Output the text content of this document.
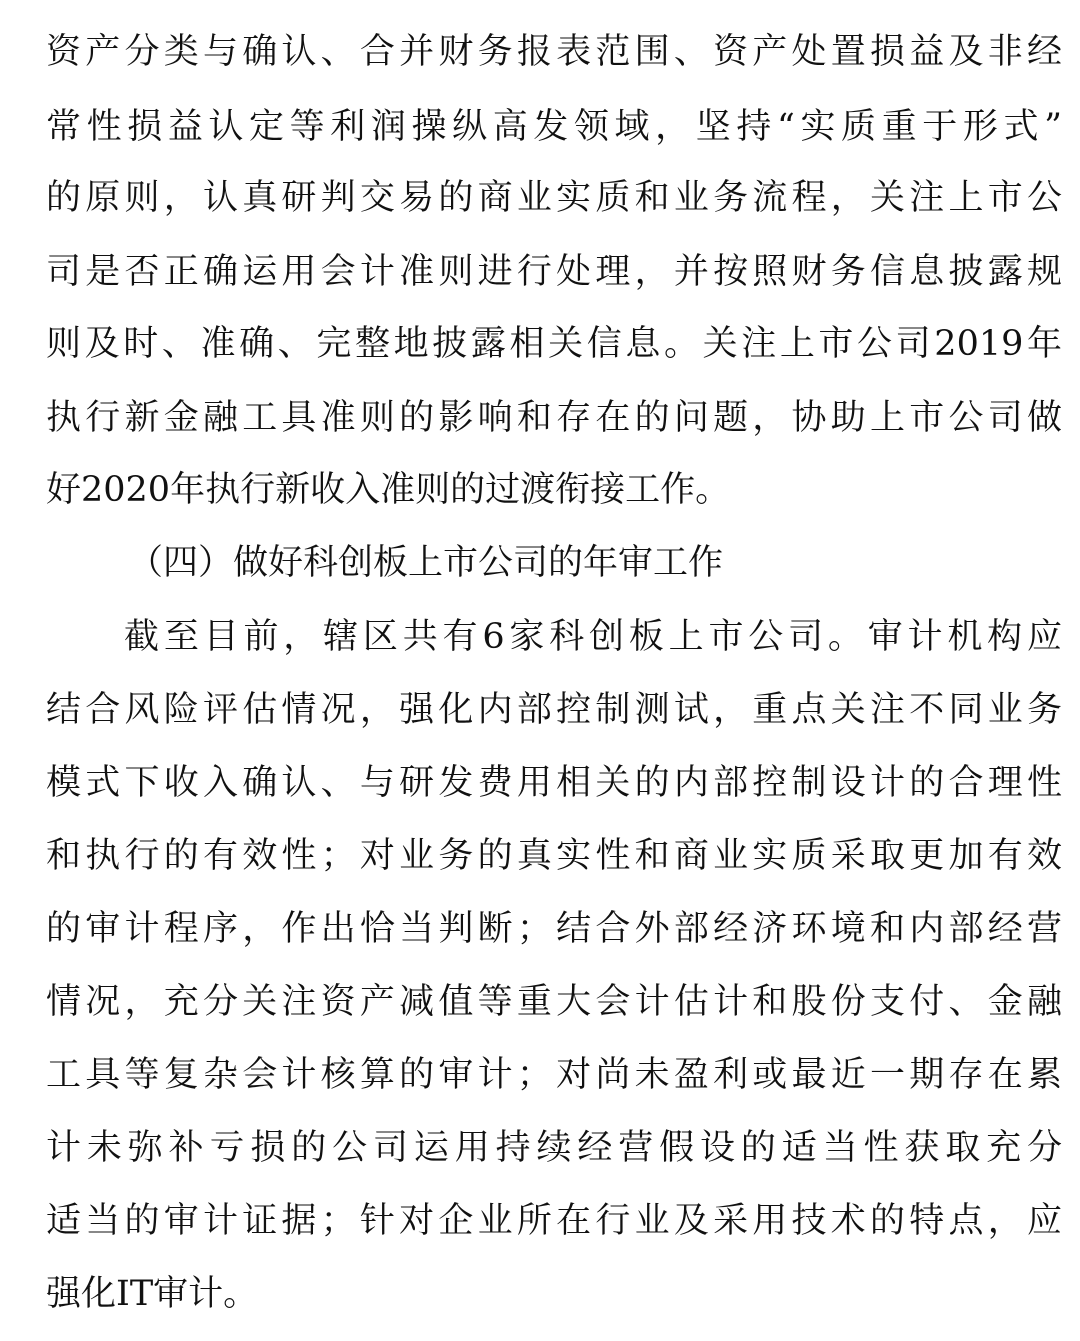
资产分类与确认、合并财务报表范围、资产处置损益及非经
常性损益认定等利润操纵高发领域，坚持“实质重于形式”
的原则，认真研判交易的商业实质和业务流程，关注上市公
司是否正确运用会计准则进行处理，并按照财务信息披露规
则及时、准确、完整地披露相关信息。关注上市公司2019年
执行新金融工具准则的影响和存在的问题，协助上市公司做
好2020年执行新收入准则的过渡衔接工作。
（四）做好科创板上市公司的年审工作
截至目前，辖区共有6家科创板上市公司。审计机构应
结合风险评估情况，强化内部控制测试，重点关注不同业务
模式下收入确认、与研发费用相关的内部控制设计的合理性
和执行的有效性；对业务的真实性和商业实质采取更加有效
的审计程序，作出恰当判断；结合外部经济环境和内部经营
情况，充分关注资产减值等重大会计估计和股份支付、金融
工具等复杂会计核算的审计；对尚未盈利或最近一期存在累
计未弥补亏损的公司运用持续经营假设的适当性获取充分
适当的审计证据；针对企业所在行业及采用技术的特点，应
强化IT审计。
